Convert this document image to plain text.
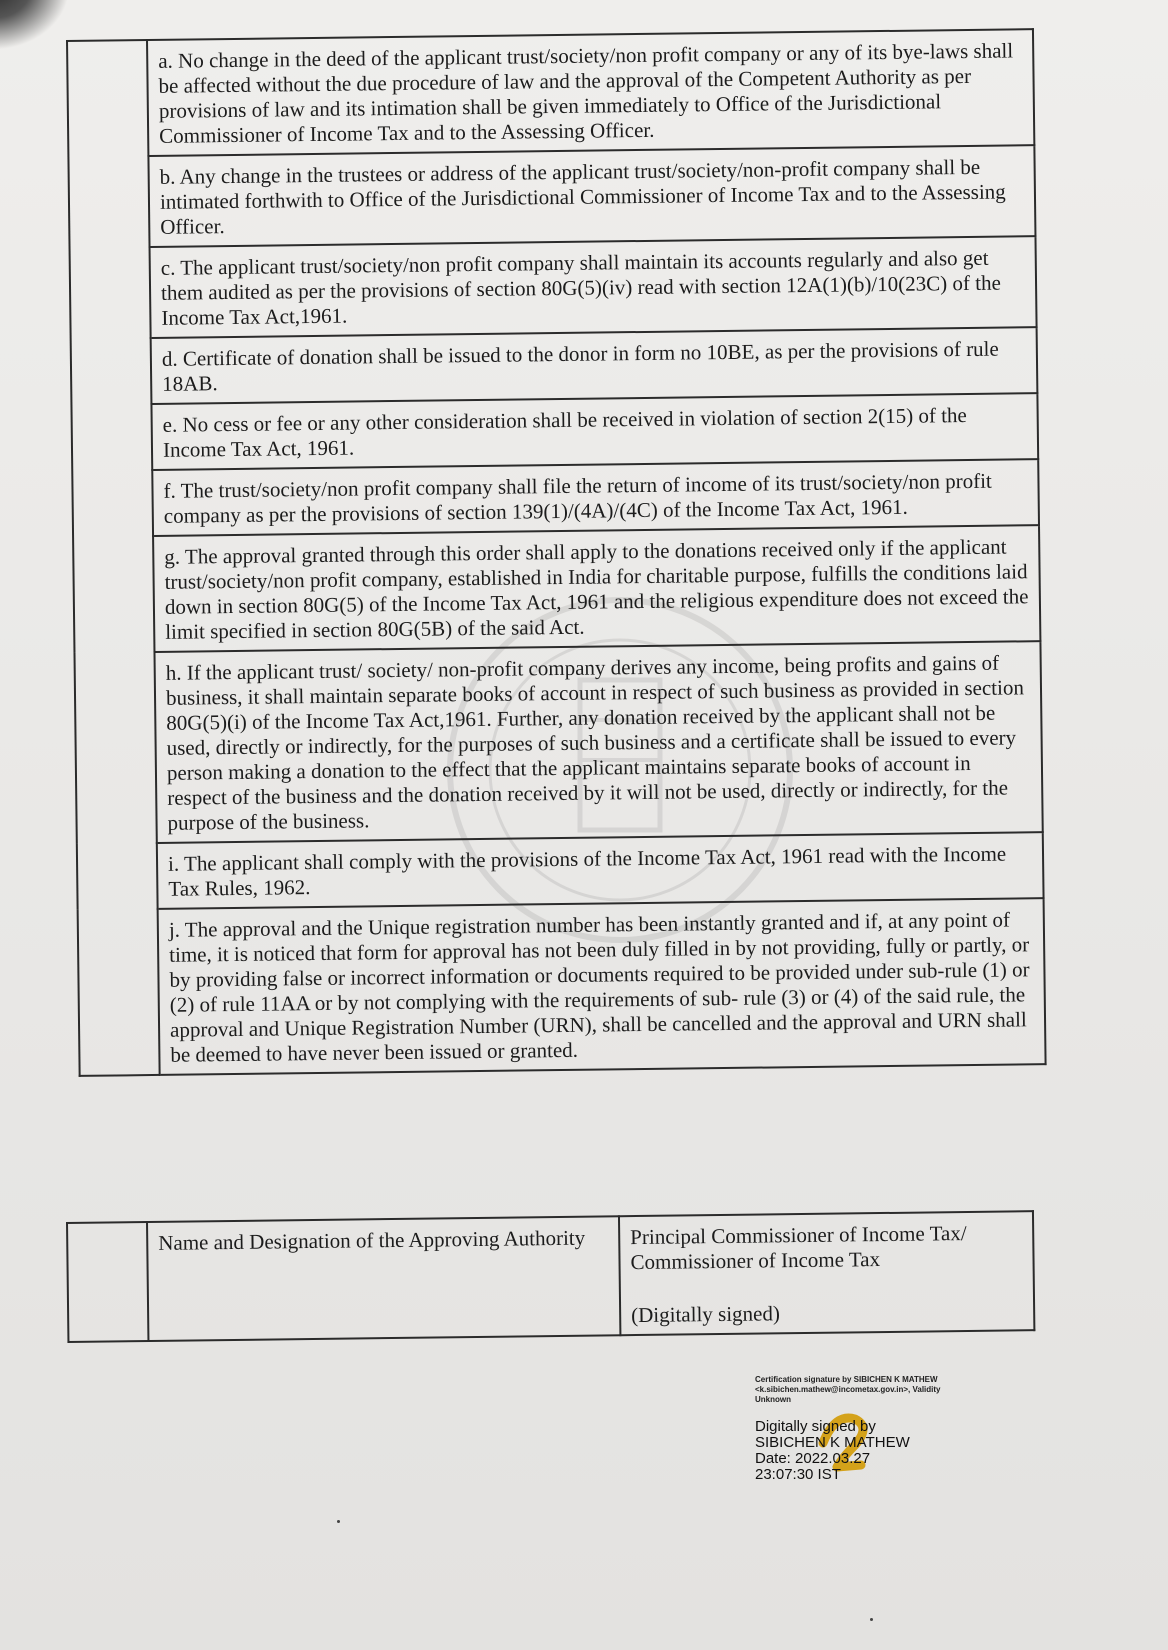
	a. No change in the deed of the applicant trust/society/non profit company or any of its bye-laws shall be affected without the due procedure of law and the approval of the Competent Authority as per provisions of law and its intimation shall be given immediately to Office of the Jurisdictional Commissioner of Income Tax and to the Assessing Officer.
b. Any change in the trustees or address of the applicant trust/society/non-profit company shall be intimated forthwith to Office of the Jurisdictional Commissioner of Income Tax and to the Assessing Officer.
c. The applicant trust/society/non profit company shall maintain its accounts regularly and also get them audited as per the provisions of section 80G(5)(iv) read with section 12A(1)(b)/10(23C) of the Income Tax Act,1961.
d. Certificate of donation shall be issued to the donor in form no 10BE, as per the provisions of rule 18AB.
e. No cess or fee or any other consideration shall be received in violation of section 2(15) of the Income Tax Act, 1961.
f. The trust/society/non profit company shall file the return of income of its trust/society/non profit company as per the provisions of section 139(1)/(4A)/(4C) of the Income Tax Act, 1961.
g. The approval granted through this order shall apply to the donations received only if the applicant trust/society/non profit company, established in India for charitable purpose, fulfills the conditions laid down in section 80G(5) of the Income Tax Act, 1961 and the religious expenditure does not exceed the limit specified in section 80G(5B) of the said Act.
h. If the applicant trust/ society/ non-profit company derives any income, being profits and gains of business, it shall maintain separate books of account in respect of such business as provided in section 80G(5)(i) of the Income Tax Act,1961. Further, any donation received by the applicant shall not be used, directly or indirectly, for the purposes of such business and a certificate shall be issued to every person making a donation to the effect that the applicant maintains separate books of account in respect of the business and the donation received by it will not be used, directly or indirectly, for the purpose of the business.
i. The applicant shall comply with the provisions of the Income Tax Act, 1961 read with the Income Tax Rules, 1962.
j. The approval and the Unique registration number has been instantly granted and if, at any point of time, it is noticed that form for approval has not been duly filled in by not providing, fully or partly, or by providing false or incorrect information or documents required to be provided under sub-rule (1) or (2) of rule 11AA or by not complying with the requirements of sub- rule (3) or (4) of the said rule, the approval and Unique Registration Number (URN), shall be cancelled and the approval and URN shall be deemed to have never been issued or granted.
	Name and Designation of the Approving Authority	Principal Commissioner of Income Tax/ Commissioner of Income Tax
(Digitally signed)
Certification signature by SIBICHEN K MATHEW <k.sibichen.mathew@incometax.gov.in>, Validity Unknown
Digitally signed by
SIBICHEN K MATHEW
Date: 2022.03.27
23:07:30 IST
